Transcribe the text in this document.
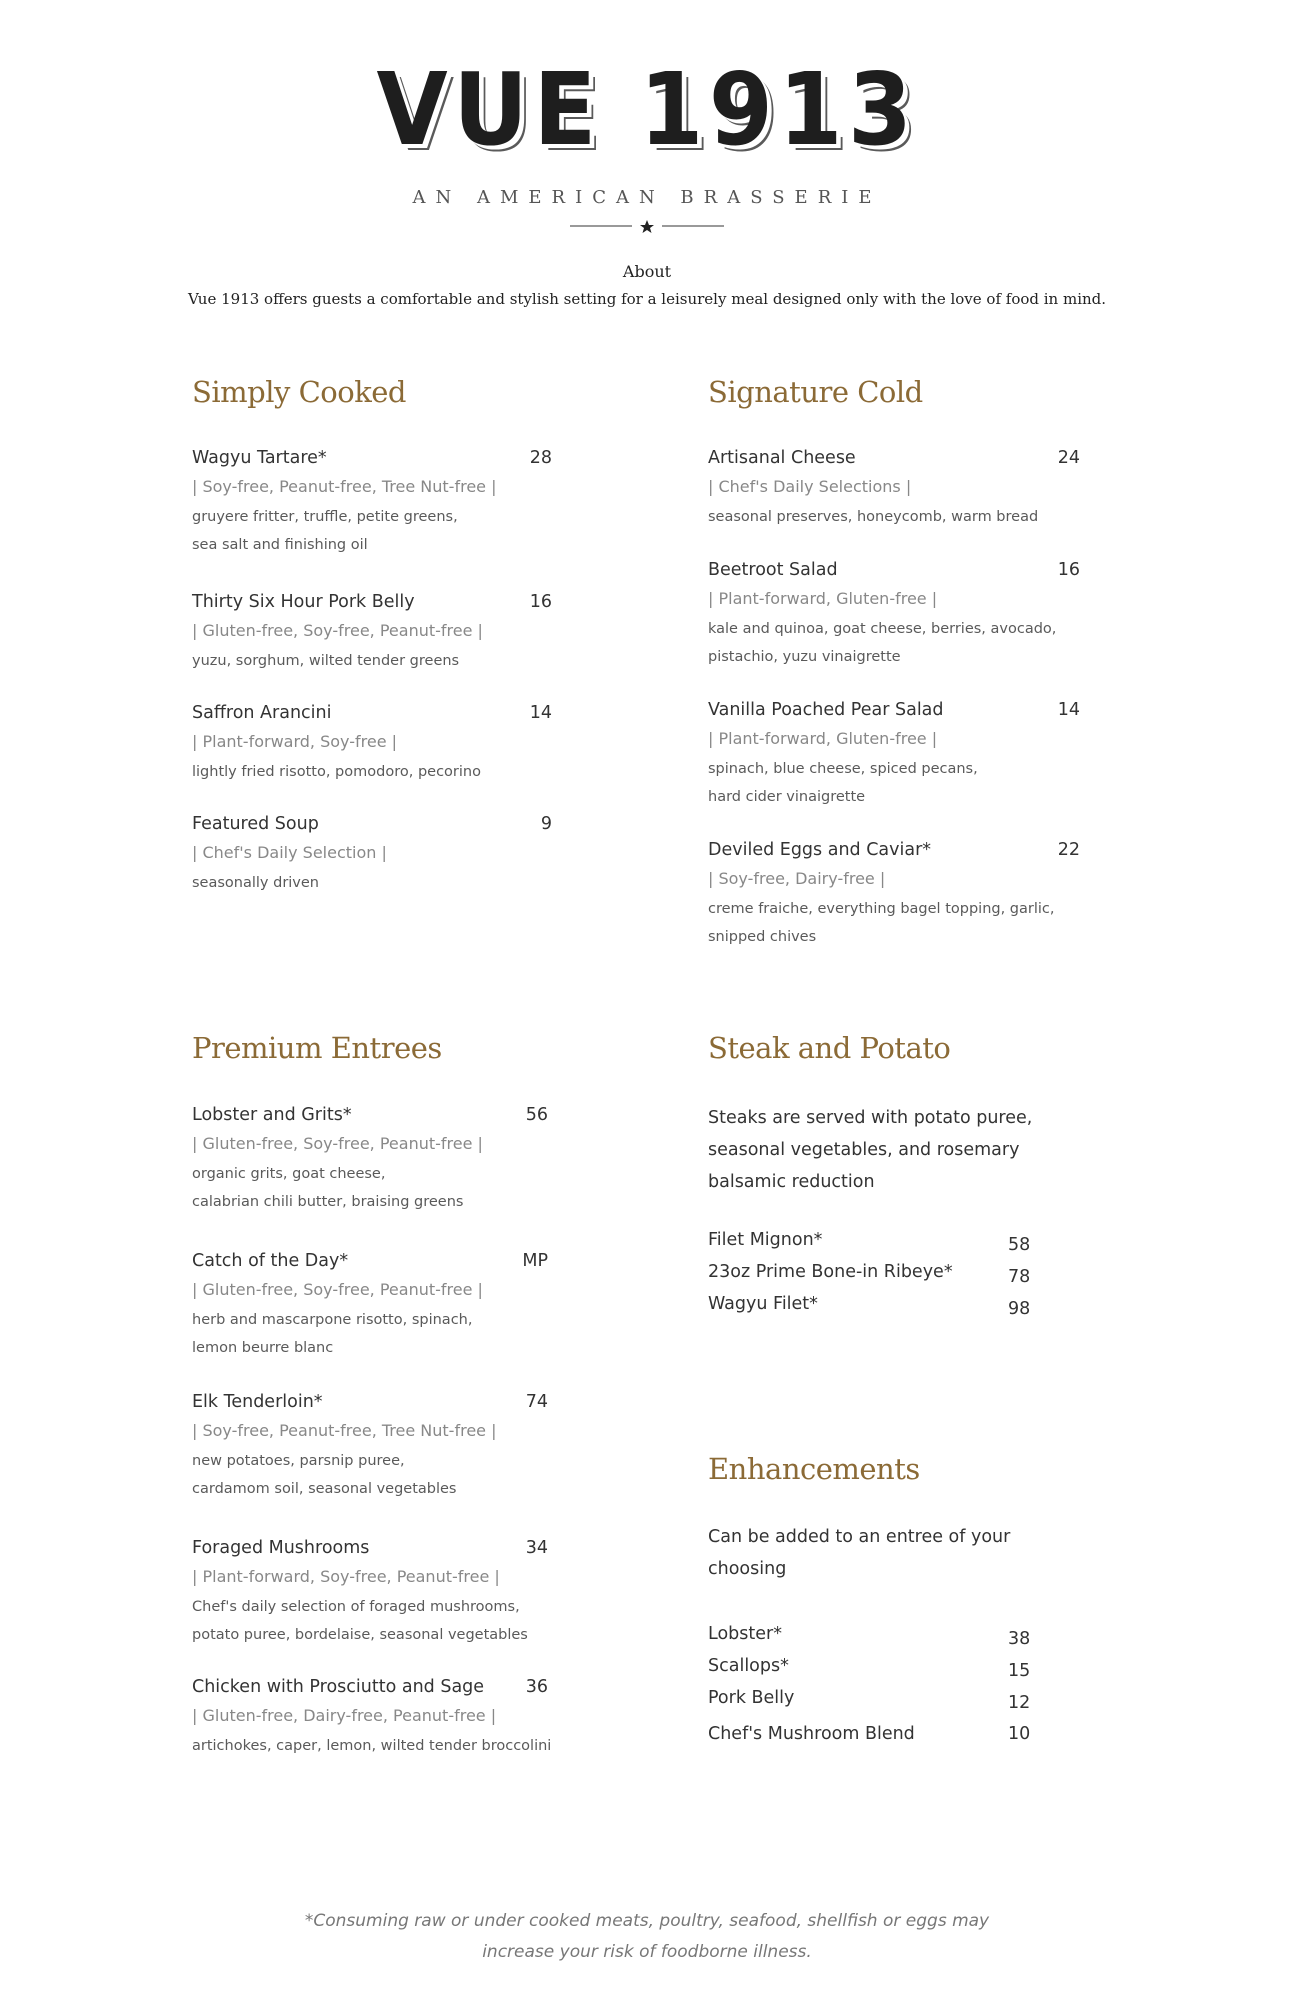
VUE 1913
AN AMERICAN BRASSERIE
About
Vue 1913 offers guests a comfortable and stylish setting for a leisurely meal designed only with the love of food in mind.
Simply Cooked
Wagyu Tartare*	28
| Soy-free, Peanut-free, Tree Nut-free |
gruyere fritter, truffle, petite greens,
sea salt and finishing oil
Thirty Six Hour Pork Belly	16
| Gluten-free, Soy-free, Peanut-free |
yuzu, sorghum, wilted tender greens
Saffron Arancini	14
| Plant-forward, Soy-free |
lightly fried risotto, pomodoro, pecorino
Featured Soup	9
| Chef's Daily Selection |
seasonally driven
Signature Cold
Artisanal Cheese	24
| Chef's Daily Selections |
seasonal preserves, honeycomb, warm bread
Beetroot Salad	16
| Plant-forward, Gluten-free |
kale and quinoa, goat cheese, berries, avocado,
pistachio, yuzu vinaigrette
Vanilla Poached Pear Salad	14
| Plant-forward, Gluten-free |
spinach, blue cheese, spiced pecans,
hard cider vinaigrette
Deviled Eggs and Caviar*	22
| Soy-free, Dairy-free |
creme fraiche, everything bagel topping, garlic,
snipped chives
Premium Entrees
Lobster and Grits*	56
| Gluten-free, Soy-free, Peanut-free |
organic grits, goat cheese,
calabrian chili butter, braising greens
Catch of the Day*	MP
| Gluten-free, Soy-free, Peanut-free |
herb and mascarpone risotto, spinach,
lemon beurre blanc
Elk Tenderloin*	74
| Soy-free, Peanut-free, Tree Nut-free |
new potatoes, parsnip puree,
cardamom soil, seasonal vegetables
Foraged Mushrooms	34
| Plant-forward, Soy-free, Peanut-free |
Chef's daily selection of foraged mushrooms,
potato puree, bordelaise, seasonal vegetables
Chicken with Prosciutto and Sage 36
| Gluten-free, Dairy-free, Peanut-free |
artichokes, caper, lemon, wilted tender broccolini
Steak and Potato
Steaks are served with potato puree,
seasonal vegetables, and rosemary
balsamic reduction
Filet Mignon*	58
23oz Prime Bone-in Ribeye*	78
Wagyu Filet*	98
Enhancements
Can be added to an entree of your
choosing
Lobster*	38
Scallops*	15
Pork Belly	12
Chef's Mushroom Blend	10
*Consuming raw or under cooked meats, poultry, seafood, shellfish or eggs may
increase your risk of foodborne illness.
